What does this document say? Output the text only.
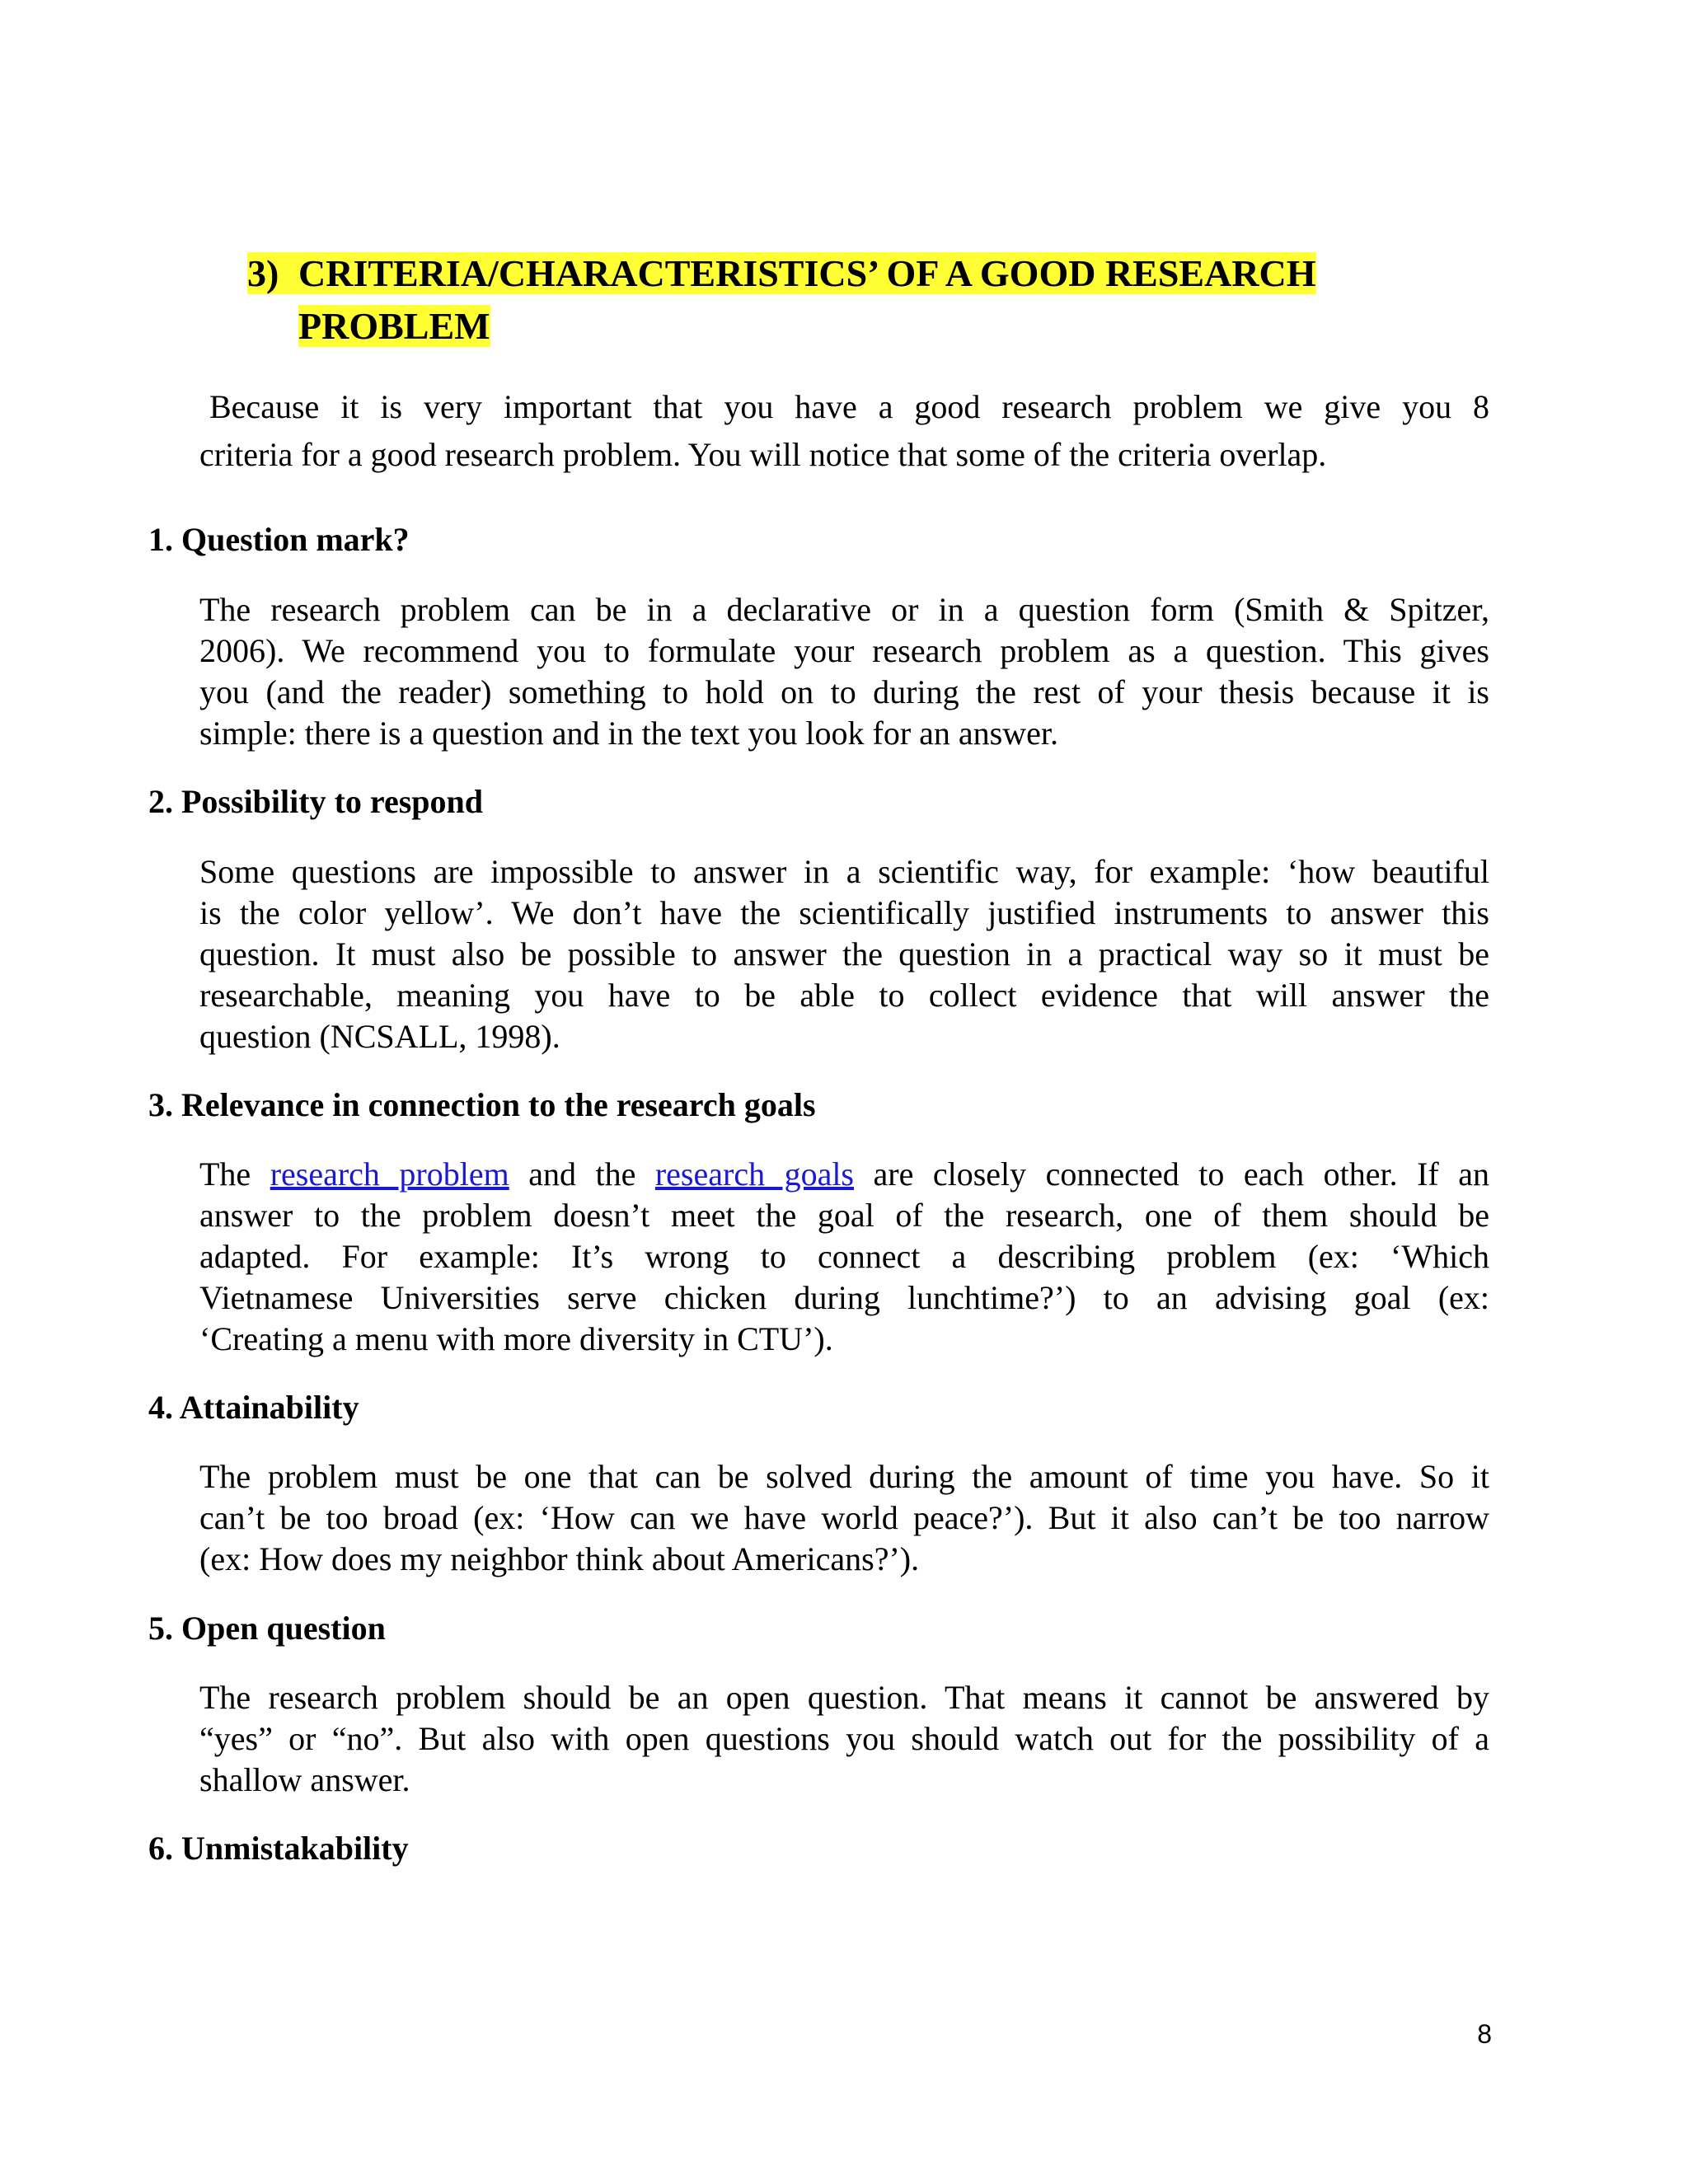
3) CRITERIA/CHARACTERISTICS’ OF A GOOD RESEARCH
PROBLEM
Because it is very important that you have a good research problem we give you 8
criteria for a good research problem. You will notice that some of the criteria overlap.
1. Question mark?
The research problem can be in a declarative or in a question form (Smith & Spitzer,
2006). We recommend you to formulate your research problem as a question. This gives
you (and the reader) something to hold on to during the rest of your thesis because it is
simple: there is a question and in the text you look for an answer.
2. Possibility to respond
Some questions are impossible to answer in a scientific way, for example: ‘how beautiful
is the color yellow’. We don’t have the scientifically justified instruments to answer this
question. It must also be possible to answer the question in a practical way so it must be
researchable, meaning you have to be able to collect evidence that will answer the
question (NCSALL, 1998).
3. Relevance in connection to the research goals
The research problem and the research goals are closely connected to each other. If an
answer to the problem doesn’t meet the goal of the research, one of them should be
adapted. For example: It’s wrong to connect a describing problem (ex: ‘Which
Vietnamese Universities serve chicken during lunchtime?’) to an advising goal (ex:
‘Creating a menu with more diversity in CTU’).
4. Attainability
The problem must be one that can be solved during the amount of time you have. So it
can’t be too broad (ex: ‘How can we have world peace?’). But it also can’t be too narrow
(ex: How does my neighbor think about Americans?’).
5. Open question
The research problem should be an open question. That means it cannot be answered by
“yes” or “no”. But also with open questions you should watch out for the possibility of a
shallow answer.
6. Unmistakability
8
